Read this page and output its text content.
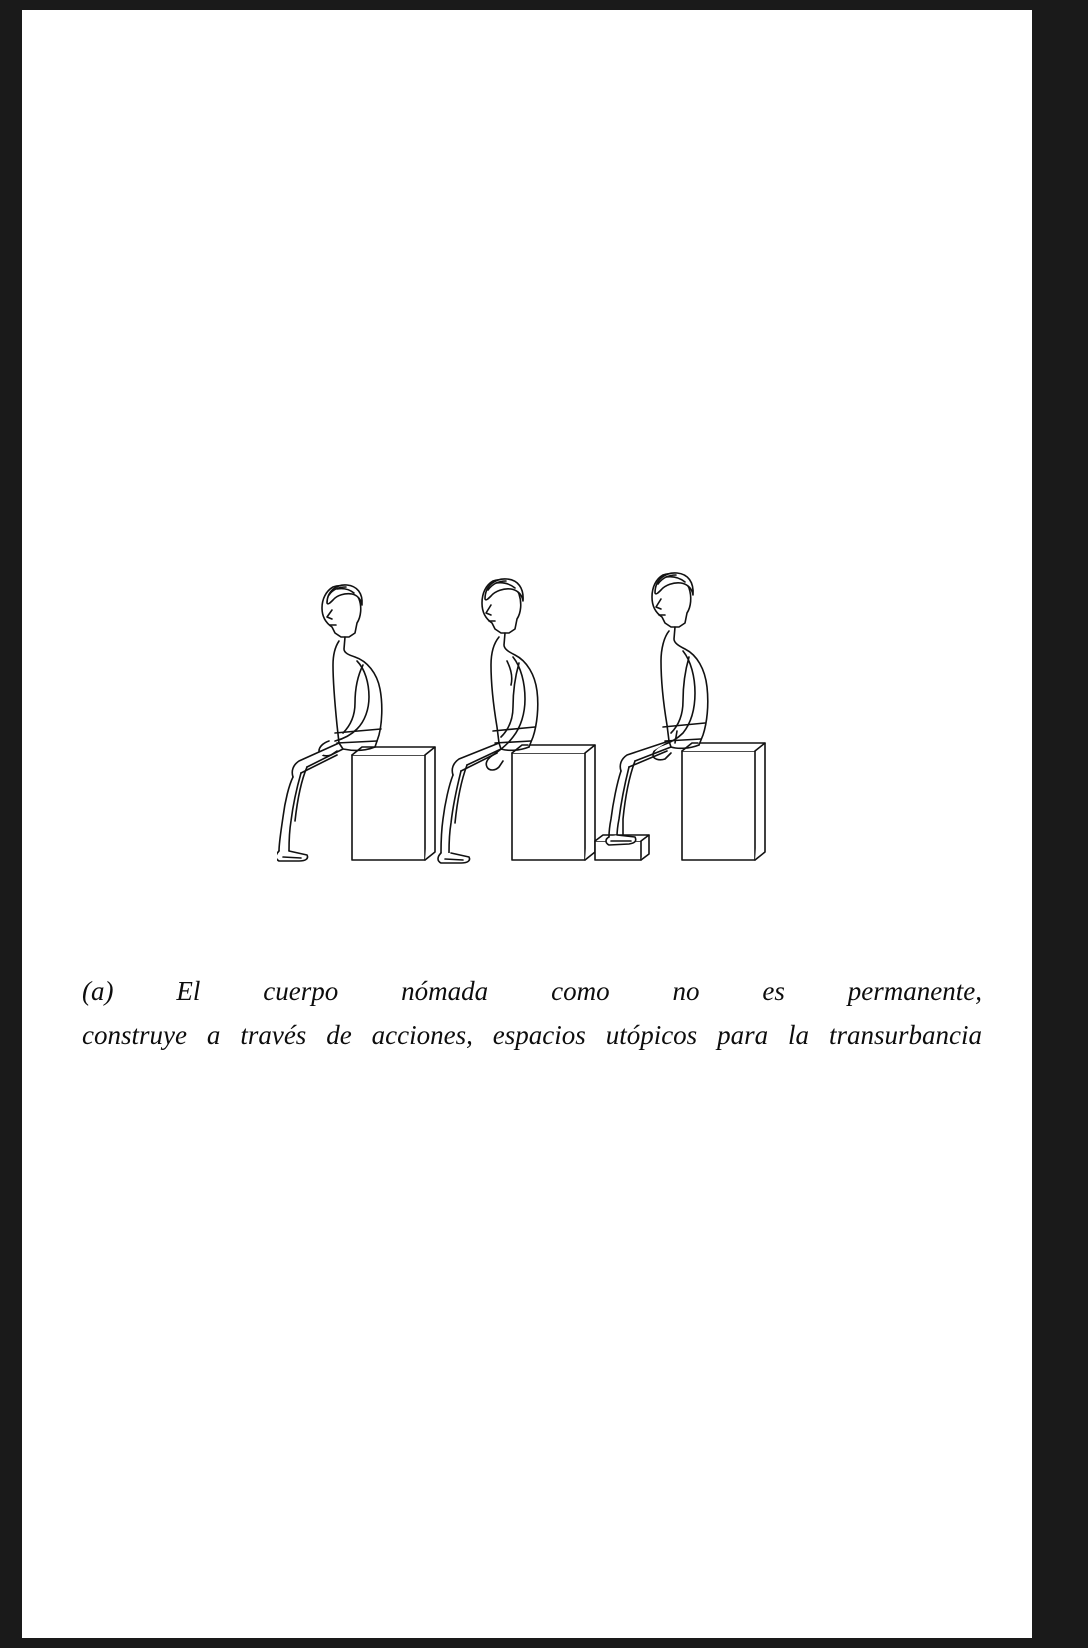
(a)    El    cuerpo    nómada    como    no    es    permanente,
construye  a  través  de  acciones,  espacios  utópicos  para  la  transurbancia
